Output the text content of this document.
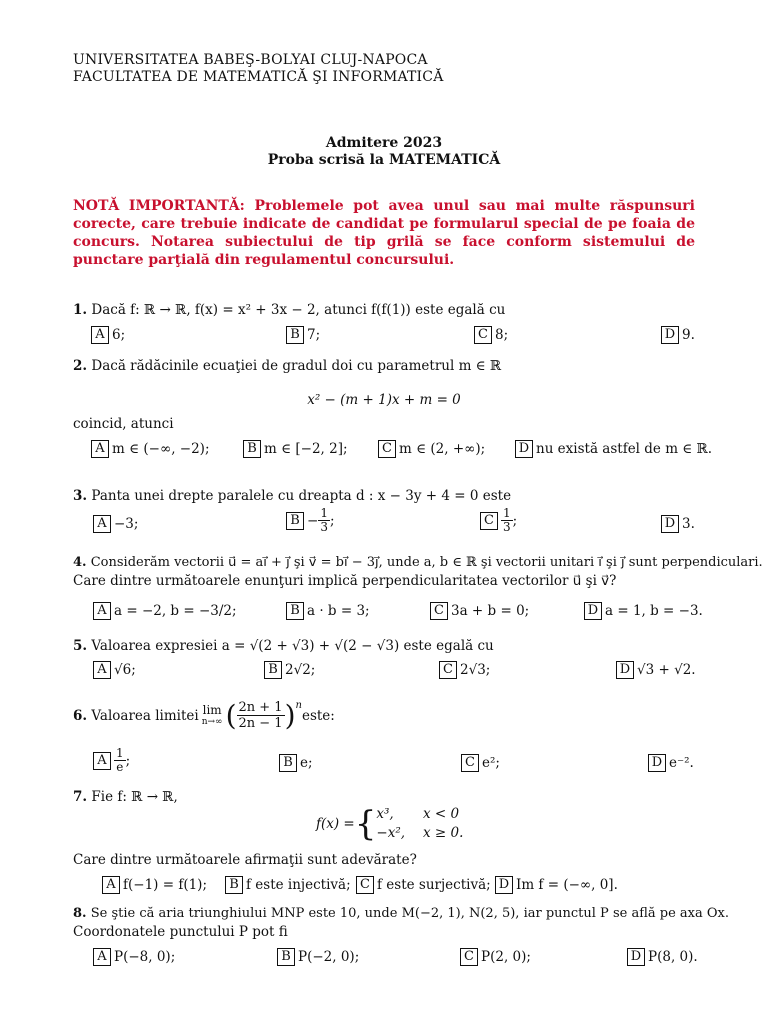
UNIVERSITATEA BABEŞ-BOLYAI CLUJ-NAPOCA
FACULTATEA DE MATEMATICĂ ŞI INFORMATICĂ
Admitere 2023
Proba scrisă la MATEMATICĂ
NOTĂ IMPORTANTĂ: Problemele pot avea unul sau mai multe răspunsuri corecte, care trebuie indicate de candidat pe formularul special de pe foaia de concurs. Notarea subiectului de tip grilă se face conform sistemului de punctare parţială din regulamentul concursului.
1. Dacă f: ℝ → ℝ, f(x) = x² + 3x − 2, atunci f(f(1)) este egală cu
A 6;	B 7;	C 8;	D 9.
2. Dacă rădăcinile ecuaţiei de gradul doi cu parametrul m ∈ ℝ
x² − (m + 1)x + m = 0
coincid, atunci
A m ∈ (−∞, −2);	B m ∈ [−2, 2];	C m ∈ (2, +∞);	D nu există astfel de m ∈ ℝ.
3. Panta unei drepte paralele cu dreapta d : x − 3y + 4 = 0 este
A −3;	$B - \frac{1}{3}$ ;	C $\frac{1}{3}$ ;	D 3.
4. Considerăm vectorii u⃗ = ai⃗ + j⃗ şi v⃗ = bi⃗ − 3j⃗, unde a, b ∈ ℝ şi vectorii unitari i⃗ şi j⃗ sunt perpendiculari.
Care dintre următoarele enunţuri implică perpendicularitatea vectorilor u⃗ şi v⃗?
A a = −2, b = −3/2;	B a · b = 3;	C 3a + b = 0;	D a = 1, b = −3.
5. Valoarea expresiei a = √(2 + √3) + √(2 − √3) este egală cu
A √6;	B 2√2;	C 2√3;	D √3 + √2.
6.
Valoarea limitei lim
n→∞ ( $\frac{2n + 1}{2n - 1} )^n$
este:
A $\frac{1}{e}$ ;	B e;	C e²;	D e⁻².
7. Fie f: ℝ → ℝ,
f(x) = { x³,	x < 0
−x², x ≥ 0.
Care dintre următoarele afirmaţii sunt adevărate?
A f(−1) = f(1);	B f este injectivă; C f este surjectivă; D Im f = (−∞, 0].
8. Se ştie că aria triunghiului MNP este 10, unde M(−2, 1), N(2, 5), iar punctul P se află pe axa Ox.
Coordonatele punctului P pot fi
A P(−8, 0);	B P(−2, 0);	C P(2, 0);	D P(8, 0).
